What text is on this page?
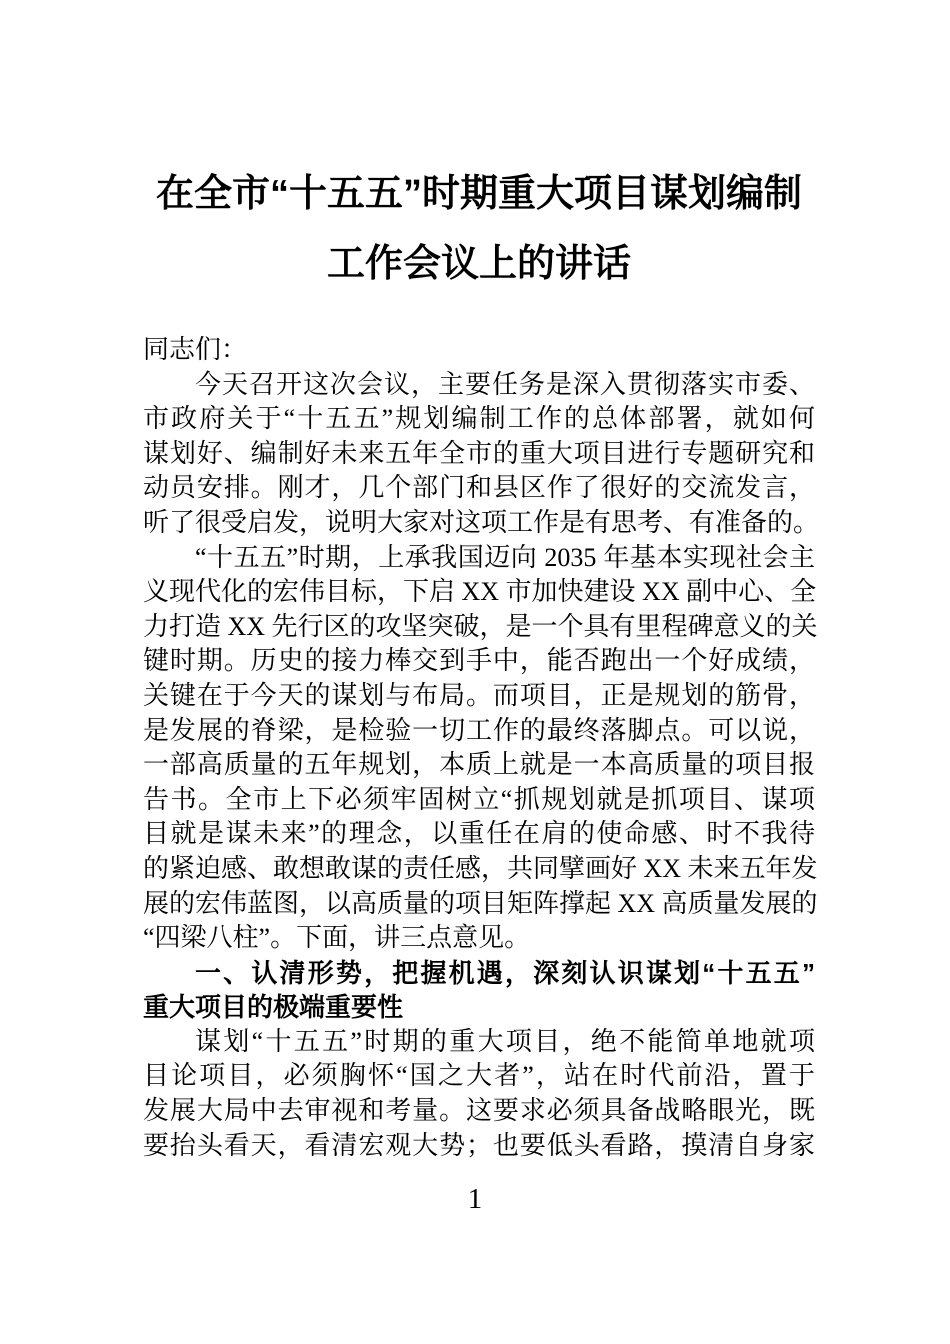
在全市“十五五”时期重大项目谋划编制
工作会议上的讲话
同志们：
今天召开这次会议，主要任务是深入贯彻落实市委、
市政府关于“十五五”规划编制工作的总体部署，就如何
谋划好、编制好未来五年全市的重大项目进行专题研究和
动员安排。刚才，几个部门和县区作了很好的交流发言，
听了很受启发，说明大家对这项工作是有思考、有准备的。
“十五五”时期，上承我国迈向 2035 年基本实现社会主
义现代化的宏伟目标，下启 XX 市加快建设 XX 副中心、全
力打造 XX 先行区的攻坚突破，是一个具有里程碑意义的关
键时期。历史的接力棒交到手中，能否跑出一个好成绩，
关键在于今天的谋划与布局。而项目，正是规划的筋骨，
是发展的脊梁，是检验一切工作的最终落脚点。可以说，
一部高质量的五年规划，本质上就是一本高质量的项目报
告书。全市上下必须牢固树立“抓规划就是抓项目、谋项
目就是谋未来”的理念，以重任在肩的使命感、时不我待
的紧迫感、敢想敢谋的责任感，共同擘画好 XX 未来五年发
展的宏伟蓝图，以高质量的项目矩阵撑起 XX 高质量发展的
“四梁八柱”。下面，讲三点意见。
一、认清形势，把握机遇，深刻认识谋划“十五五”
重大项目的极端重要性
谋划“十五五”时期的重大项目，绝不能简单地就项
目论项目，必须胸怀“国之大者”，站在时代前沿，置于
发展大局中去审视和考量。这要求必须具备战略眼光，既
要抬头看天，看清宏观大势；也要低头看路，摸清自身家
1
